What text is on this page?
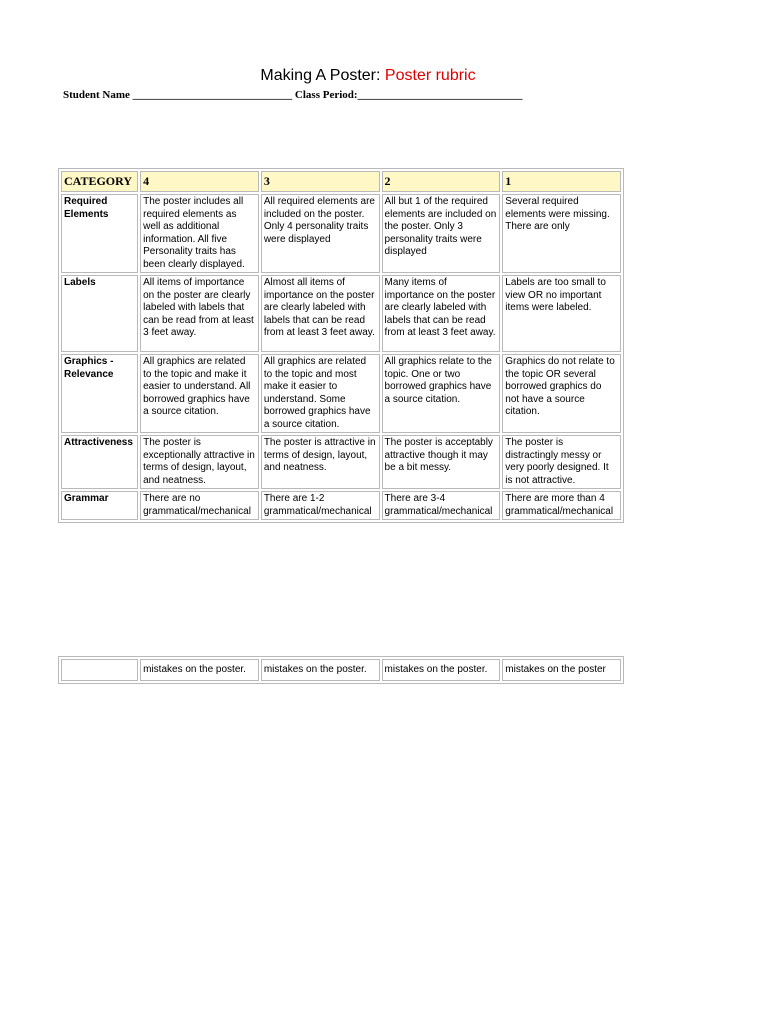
Making A Poster: Poster rubric
Student Name _____________________________ Class Period:______________________________
CATEGORY	4	3	2	1
Required Elements	The poster includes all required elements as well as additional information. All five Personality traits has been clearly displayed.	All required elements are included on the poster. Only 4 personality traits were displayed	All but 1 of the required elements are included on the poster. Only 3 personality traits were displayed	Several required elements were missing. There are only
Labels	All items of importance on the poster are clearly labeled with labels that can be read from at least 3 feet away.	Almost all items of importance on the poster are clearly labeled with labels that can be read from at least 3 feet away.	Many items of importance on the poster are clearly labeled with labels that can be read from at least 3 feet away.	Labels are too small to view OR no important items were labeled.
Graphics - Relevance	All graphics are related to the topic and make it easier to understand. All borrowed graphics have a source citation.	All graphics are related to the topic and most make it easier to understand. Some borrowed graphics have a source citation.	All graphics relate to the topic. One or two borrowed graphics have a source citation.	Graphics do not relate to the topic OR several borrowed graphics do not have a source citation.
Attractiveness	The poster is exceptionally attractive in terms of design, layout, and neatness.	The poster is attractive in terms of design, layout, and neatness.	The poster is acceptably attractive though it may be a bit messy.	The poster is distractingly messy or very poorly designed. It is not attractive.
Grammar	There are no grammatical/mechanical	There are 1-2 grammatical/mechanical	There are 3-4 grammatical/mechanical	There are more than 4 grammatical/mechanical
	mistakes on the poster.	mistakes on the poster.	mistakes on the poster.	mistakes on the poster
